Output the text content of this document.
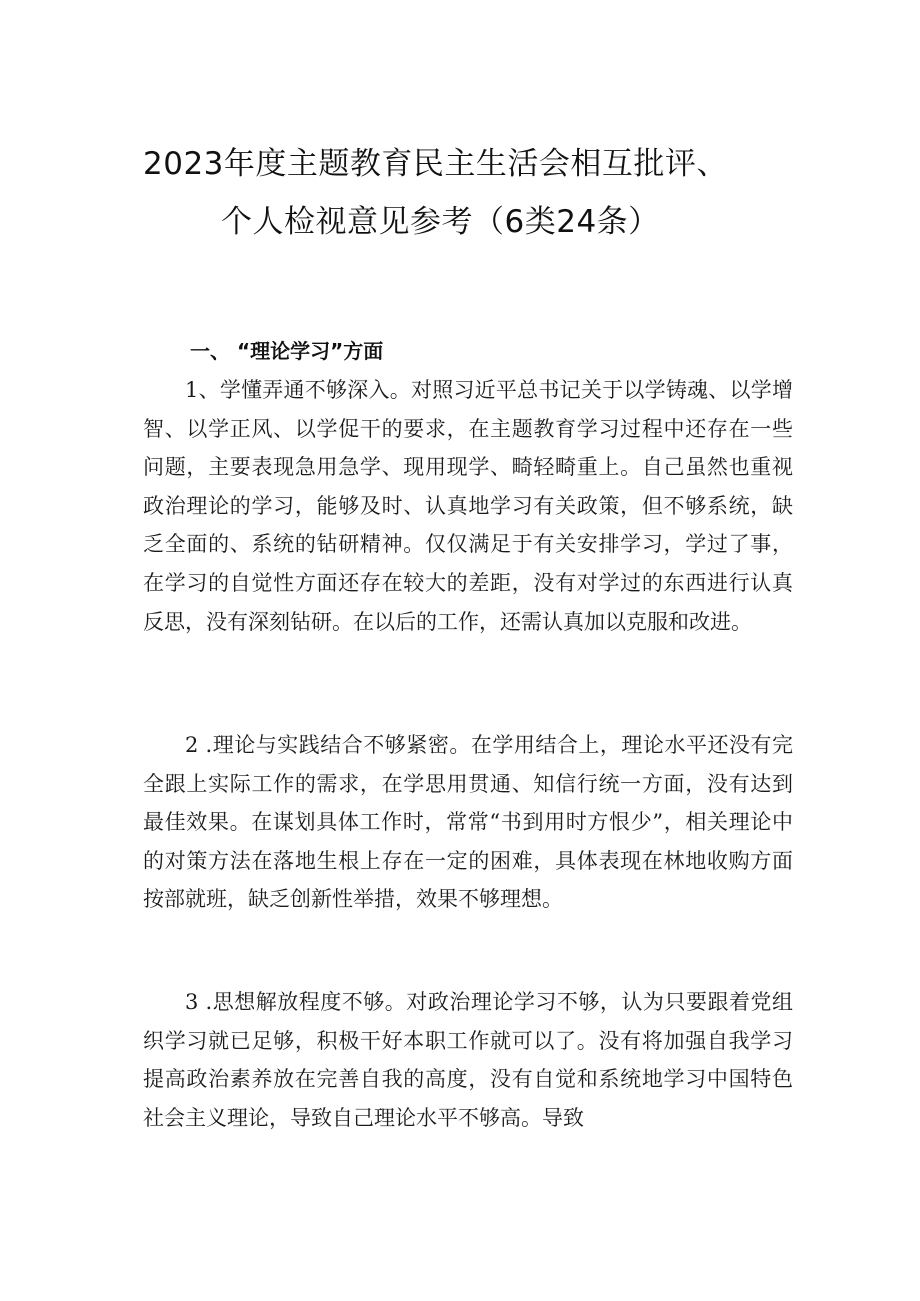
2023年度主题教育民主生活会相互批评、
个人检视意见参考（6类24条）
一、 “理论学习”方面

1、学懂弄通不够深入。对照习近平总书记关于以学铸魂、以学增智、以学正风、以学促干的要求，在主题教育学习过程中还存在一些问题，主要表现急用急学、现用现学、畸轻畸重上。自己虽然也重视政治理论的学习，能够及时、认真地学习有关政策，但不够系统，缺乏全面的、系统的钻研精神。仅仅满足于有关安排学习，学过了事，在学习的自觉性方面还存在较大的差距，没有对学过的东西进行认真反思，没有深刻钻研。在以后的工作，还需认真加以克服和改进。

2 .理论与实践结合不够紧密。在学用结合上，理论水平还没有完全跟上实际工作的需求，在学思用贯通、知信行统一方面，没有达到最佳效果。在谋划具体工作时，常常“书到用时方恨少”，相关理论中的对策方法在落地生根上存在一定的困难，具体表现在林地收购方面按部就班，缺乏创新性举措，效果不够理想。

3 .思想解放程度不够。对政治理论学习不够，认为只要跟着党组织学习就已足够，积极干好本职工作就可以了。没有将加强自我学习提高政治素养放在完善自我的高度，没有自觉和系统地学习中国特色社会主义理论，导致自己理论水平不够高。导致
